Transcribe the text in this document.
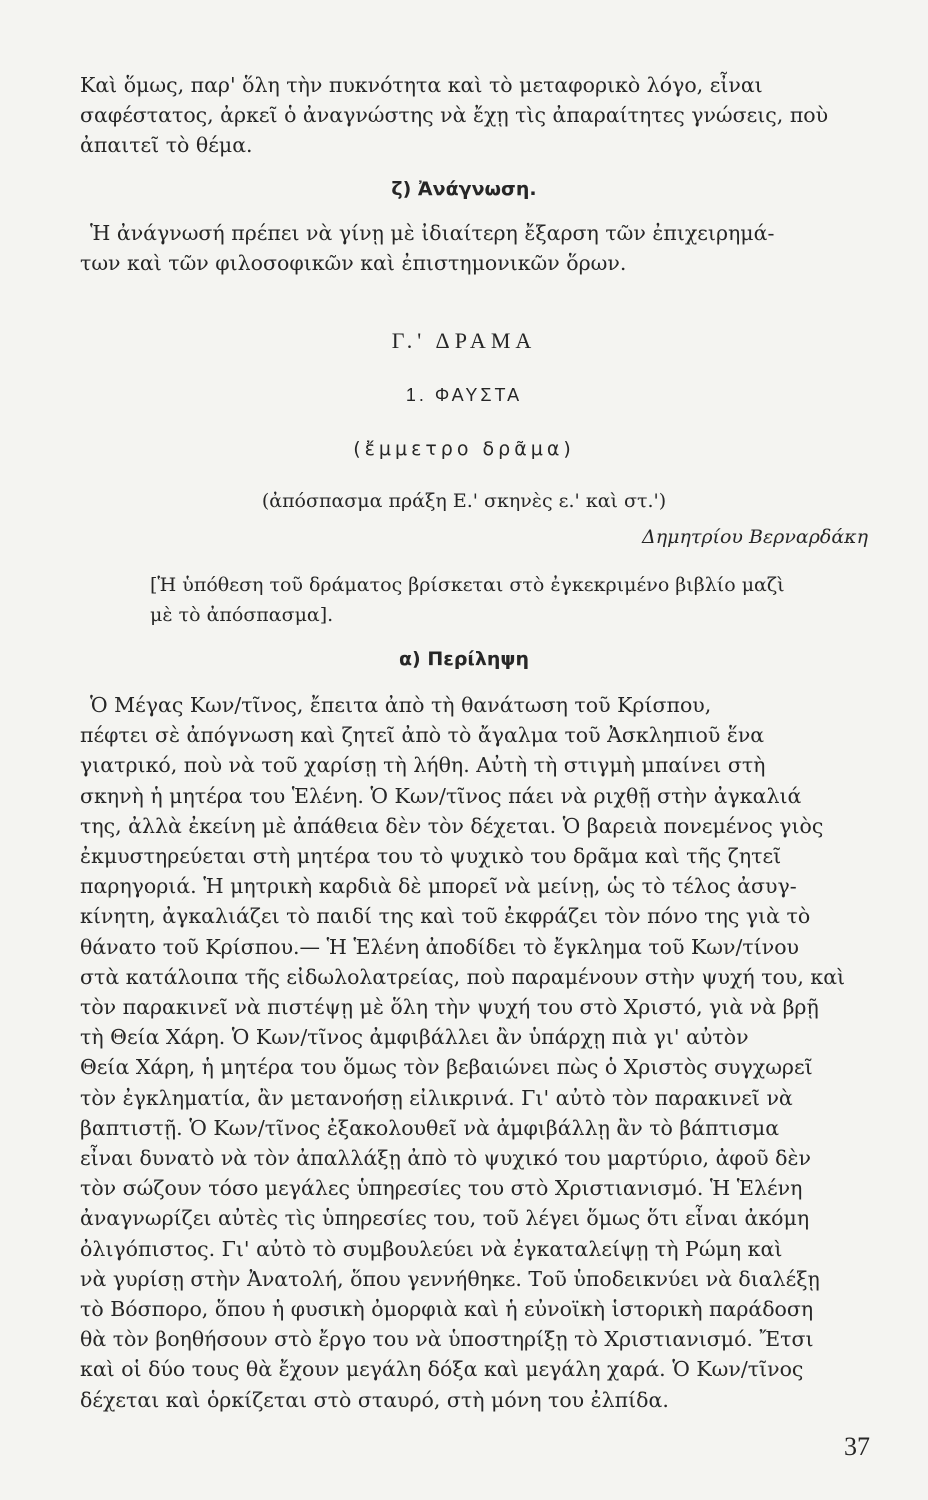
Καὶ ὅμως, παρ' ὅλη τὴν πυκνότητα καὶ τὸ μεταφορικὸ λόγο, εἶναι
σαφέστατος, ἀρκεῖ ὁ ἀναγνώστης νὰ ἔχῃ τὶς ἀπαραίτητες γνώσεις, ποὺ
ἀπαιτεῖ τὸ θέμα.

ζ) Ἀνάγνωση.

Ἡ ἀνάγνωσή πρέπει νὰ γίνῃ μὲ ἰδιαίτερη ἔξαρση τῶν ἐπιχειρημά-
των καὶ τῶν φιλοσοφικῶν καὶ ἐπιστημονικῶν ὅρων.

Γ.' ΔΡΑΜΑ

1. ΦΑΥΣΤΑ

(ἔμμετρο δρᾶμα)

(ἀπόσπασμα πράξη Ε.' σκηνὲς ε.' καὶ στ.')

Δημητρίου Βερναρδάκη

[Ἡ ὑπόθεση τοῦ δράματος βρίσκεται στὸ ἐγκεκριμένο βιβλίο μαζὶ
μὲ τὸ ἀπόσπασμα].

α) Περίληψη

Ὁ Μέγας Κων/τῖνος, ἔπειτα ἀπὸ τὴ θανάτωση τοῦ Κρίσπου,
πέφτει σὲ ἀπόγνωση καὶ ζητεῖ ἀπὸ τὸ ἄγαλμα τοῦ Ἀσκληπιοῦ ἕνα
γιατρικό, ποὺ νὰ τοῦ χαρίσῃ τὴ λήθη. Αὐτὴ τὴ στιγμὴ μπαίνει στὴ
σκηνὴ ἡ μητέρα του Ἑλένη. Ὁ Κων/τῖνος πάει νὰ ριχθῇ στὴν ἀγκαλιά
της, ἀλλὰ ἐκείνη μὲ ἀπάθεια δὲν τὸν δέχεται. Ὁ βαρειὰ πονεμένος γιὸς
ἐκμυστηρεύεται στὴ μητέρα του τὸ ψυχικὸ του δρᾶμα καὶ τῆς ζητεῖ
παρηγοριά. Ἡ μητρικὴ καρδιὰ δὲ μπορεῖ νὰ μείνῃ, ὡς τὸ τέλος ἀσυγ-
κίνητη, ἀγκαλιάζει τὸ παιδί της καὶ τοῦ ἐκφράζει τὸν πόνο της γιὰ τὸ
θάνατο τοῦ Κρίσπου.— Ἡ Ἑλένη ἀποδίδει τὸ ἔγκλημα τοῦ Κων/τίνου
στὰ κατάλοιπα τῆς εἰδωλολατρείας, ποὺ παραμένουν στὴν ψυχή του, καὶ
τὸν παρακινεῖ νὰ πιστέψῃ μὲ ὅλη τὴν ψυχή του στὸ Χριστό, γιὰ νὰ βρῇ
τὴ Θεία Χάρη. Ὁ Κων/τῖνος ἀμφιβάλλει ἂν ὑπάρχῃ πιὰ γι' αὐτὸν
Θεία Χάρη, ἡ μητέρα του ὅμως τὸν βεβαιώνει πὼς ὁ Χριστὸς συγχωρεῖ
τὸν ἐγκληματία, ἂν μετανοήσῃ εἰλικρινά. Γι' αὐτὸ τὸν παρακινεῖ νὰ
βαπτιστῇ. Ὁ Κων/τῖνος ἐξακολουθεῖ νὰ ἀμφιβάλλῃ ἂν τὸ βάπτισμα
εἶναι δυνατὸ νὰ τὸν ἀπαλλάξῃ ἀπὸ τὸ ψυχικό του μαρτύριο, ἀφοῦ δὲν
τὸν σώζουν τόσο μεγάλες ὑπηρεσίες του στὸ Χριστιανισμό. Ἡ Ἑλένη
ἀναγνωρίζει αὐτὲς τὶς ὑπηρεσίες του, τοῦ λέγει ὅμως ὅτι εἶναι ἀκόμη
ὀλιγόπιστος. Γι' αὐτὸ τὸ συμβουλεύει νὰ ἐγκαταλείψῃ τὴ Ρώμη καὶ
νὰ γυρίσῃ στὴν Ἀνατολή, ὅπου γεννήθηκε. Τοῦ ὑποδεικνύει νὰ διαλέξῃ
τὸ Βόσπορο, ὅπου ἡ φυσικὴ ὀμορφιὰ καὶ ἡ εὐνοϊκὴ ἱστορικὴ παράδοση
θὰ τὸν βοηθήσουν στὸ ἔργο του νὰ ὑποστηρίξῃ τὸ Χριστιανισμό. Ἔτσι
καὶ οἱ δύο τους θὰ ἔχουν μεγάλη δόξα καὶ μεγάλη χαρά. Ὁ Κων/τῖνος
δέχεται καὶ ὁρκίζεται στὸ σταυρό, στὴ μόνη του ἐλπίδα.

37
